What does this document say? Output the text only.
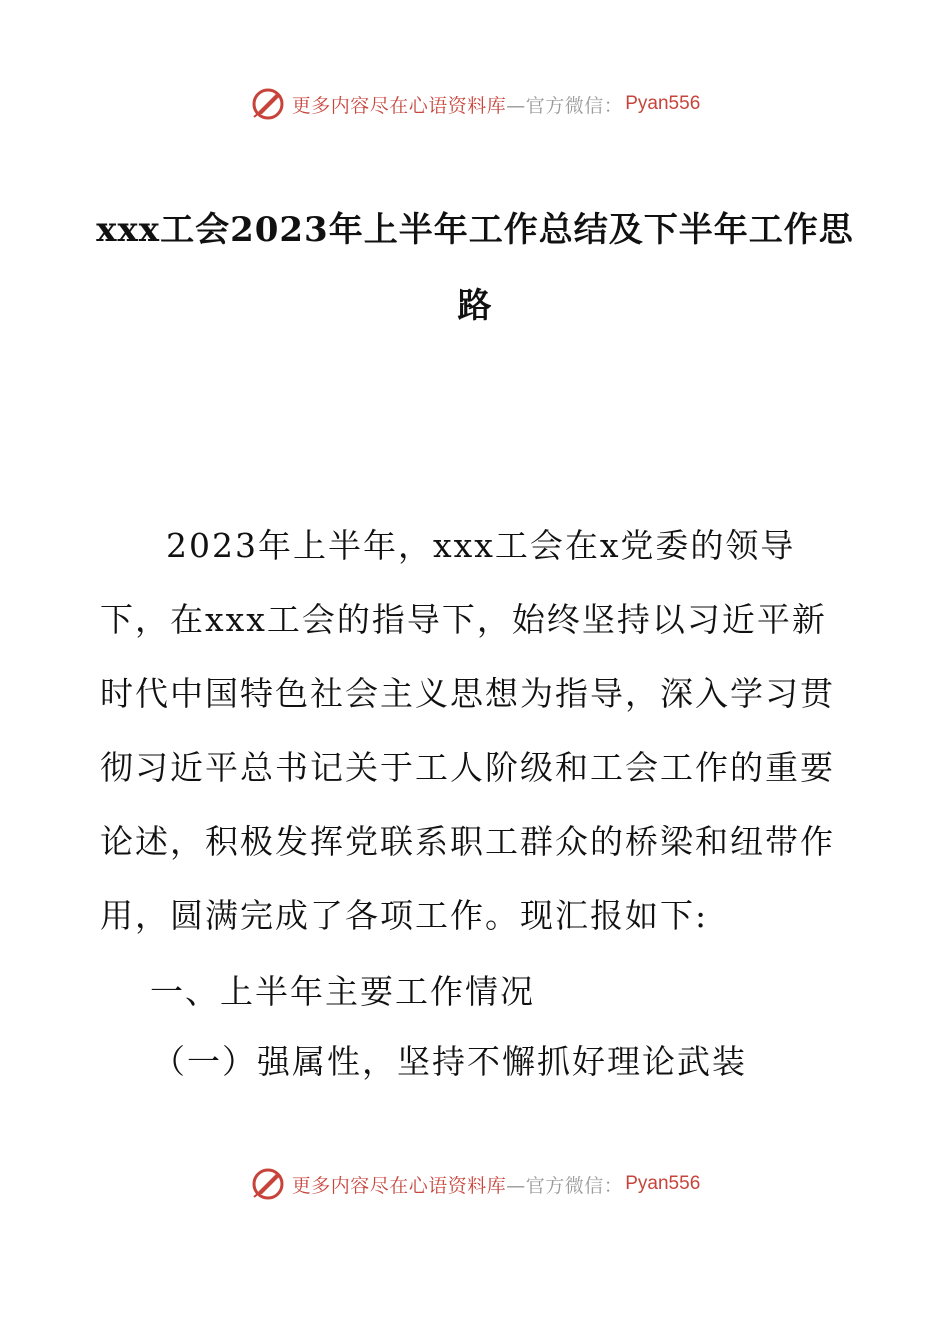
更多内容尽在心语资料库 —官方微信： Pyan556
xxx工会2023年上半年工作总结及下半年工作思
路

2023年上半年，xxx工会在x党委的领导下，在xxx工会的指导下，始终坚持以习近平新时代中国特色社会主义思想为指导，深入学习贯彻习近平总书记关于工人阶级和工会工作的重要论述，积极发挥党联系职工群众的桥梁和纽带作用，圆满完成了各项工作。现汇报如下:

一、上半年主要工作情况

（一）强属性，坚持不懈抓好理论武装

更多内容尽在心语资料库 —官方微信： Pyan556
